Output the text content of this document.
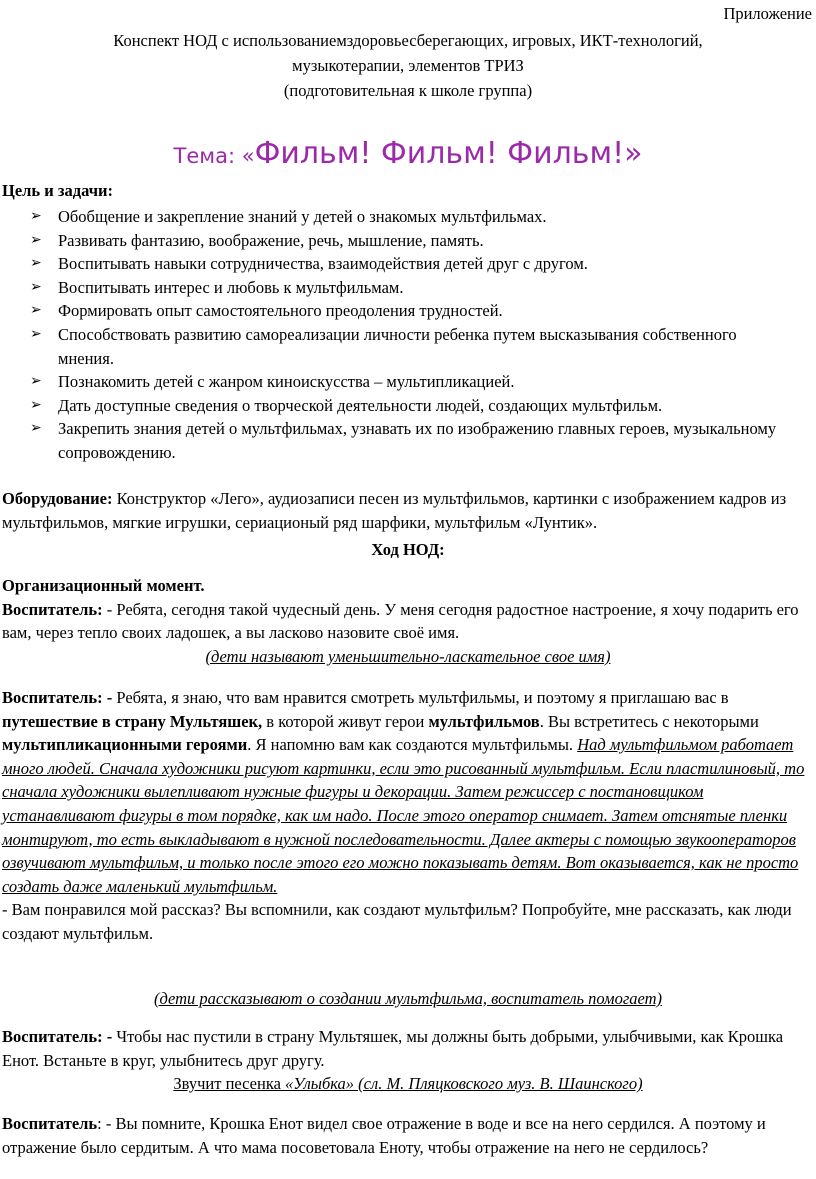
Приложение
Конспект НОД с использованиемздоровьесберегающих, игровых, ИКТ-технологий,
музыкотерапии, элементов ТРИЗ
(подготовительная к школе группа)
Тема: «Фильм! Фильм! Фильм!»
Цель и задачи:
➢ Обобщение и закрепление знаний у детей о знакомых мультфильмах.
➢ Развивать фантазию, воображение, речь, мышление, память.
➢ Воспитывать навыки сотрудничества, взаимодействия детей друг с другом.
➢ Воспитывать интерес и любовь к мультфильмам.
➢ Формировать опыт самостоятельного преодоления трудностей.
➢ Способствовать развитию самореализации личности ребенка путем высказывания собственного мнения.
➢ Познакомить детей с жанром киноискусства – мультипликацией.
➢ Дать доступные сведения о творческой деятельности людей, создающих мультфильм.
➢ Закрепить знания детей о мультфильмах, узнавать их по изображению главных героев, музыкальному сопровождению.
Оборудование: Конструктор «Лего», аудиозаписи песен из мультфильмов, картинки с изображением кадров из мультфильмов, мягкие игрушки, сериационый ряд шарфики, мультфильм «Лунтик».
Ход НОД:
Организационный момент.
Воспитатель: - Ребята, сегодня такой чудесный день. У меня сегодня радостное настроение, я хочу подарить его вам, через тепло своих ладошек, а вы ласково назовите своё имя.
(дети называют уменьшительно-ласкательное свое имя)
Воспитатель: - Ребята, я знаю, что вам нравится смотреть мультфильмы, и поэтому я приглашаю вас в путешествие в страну Мультяшек, в которой живут герои мультфильмов. Вы встретитесь с некоторыми мультипликационными героями. Я напомню вам как создаются мультфильмы. Над мультфильмом работает много людей. Сначала художники рисуют картинки, если это рисованный мультфильм. Если пластилиновый, то сначала художники вылепливают нужные фигуры и декорации. Затем режиссер с постановщиком устанавливают фигуры в том порядке, как им надо. После этого оператор снимает. Затем отснятые пленки монтируют, то есть выкладывают в нужной последовательности. Далее актеры с помощью звукооператоров озвучивают мультфильм, и только после этого его можно показывать детям. Вот оказывается, как не просто создать даже маленький мультфильм.
- Вам понравился мой рассказ? Вы вспомнили, как создают мультфильм? Попробуйте, мне рассказать, как люди создают мультфильм.
(дети рассказывают о создании мультфильма, воспитатель помогает)
Воспитатель: - Чтобы нас пустили в страну Мультяшек, мы должны быть добрыми, улыбчивыми, как Крошка Енот. Встаньте в круг, улыбнитесь друг другу.
Звучит песенка «Улыбка» (сл. М. Пляцковского муз. В. Шаинского)
Воспитатель: - Вы помните, Крошка Енот видел свое отражение в воде и все на него сердился. А поэтому и отражение было сердитым. А что мама посоветовала Еноту, чтобы отражение на него не сердилось?
